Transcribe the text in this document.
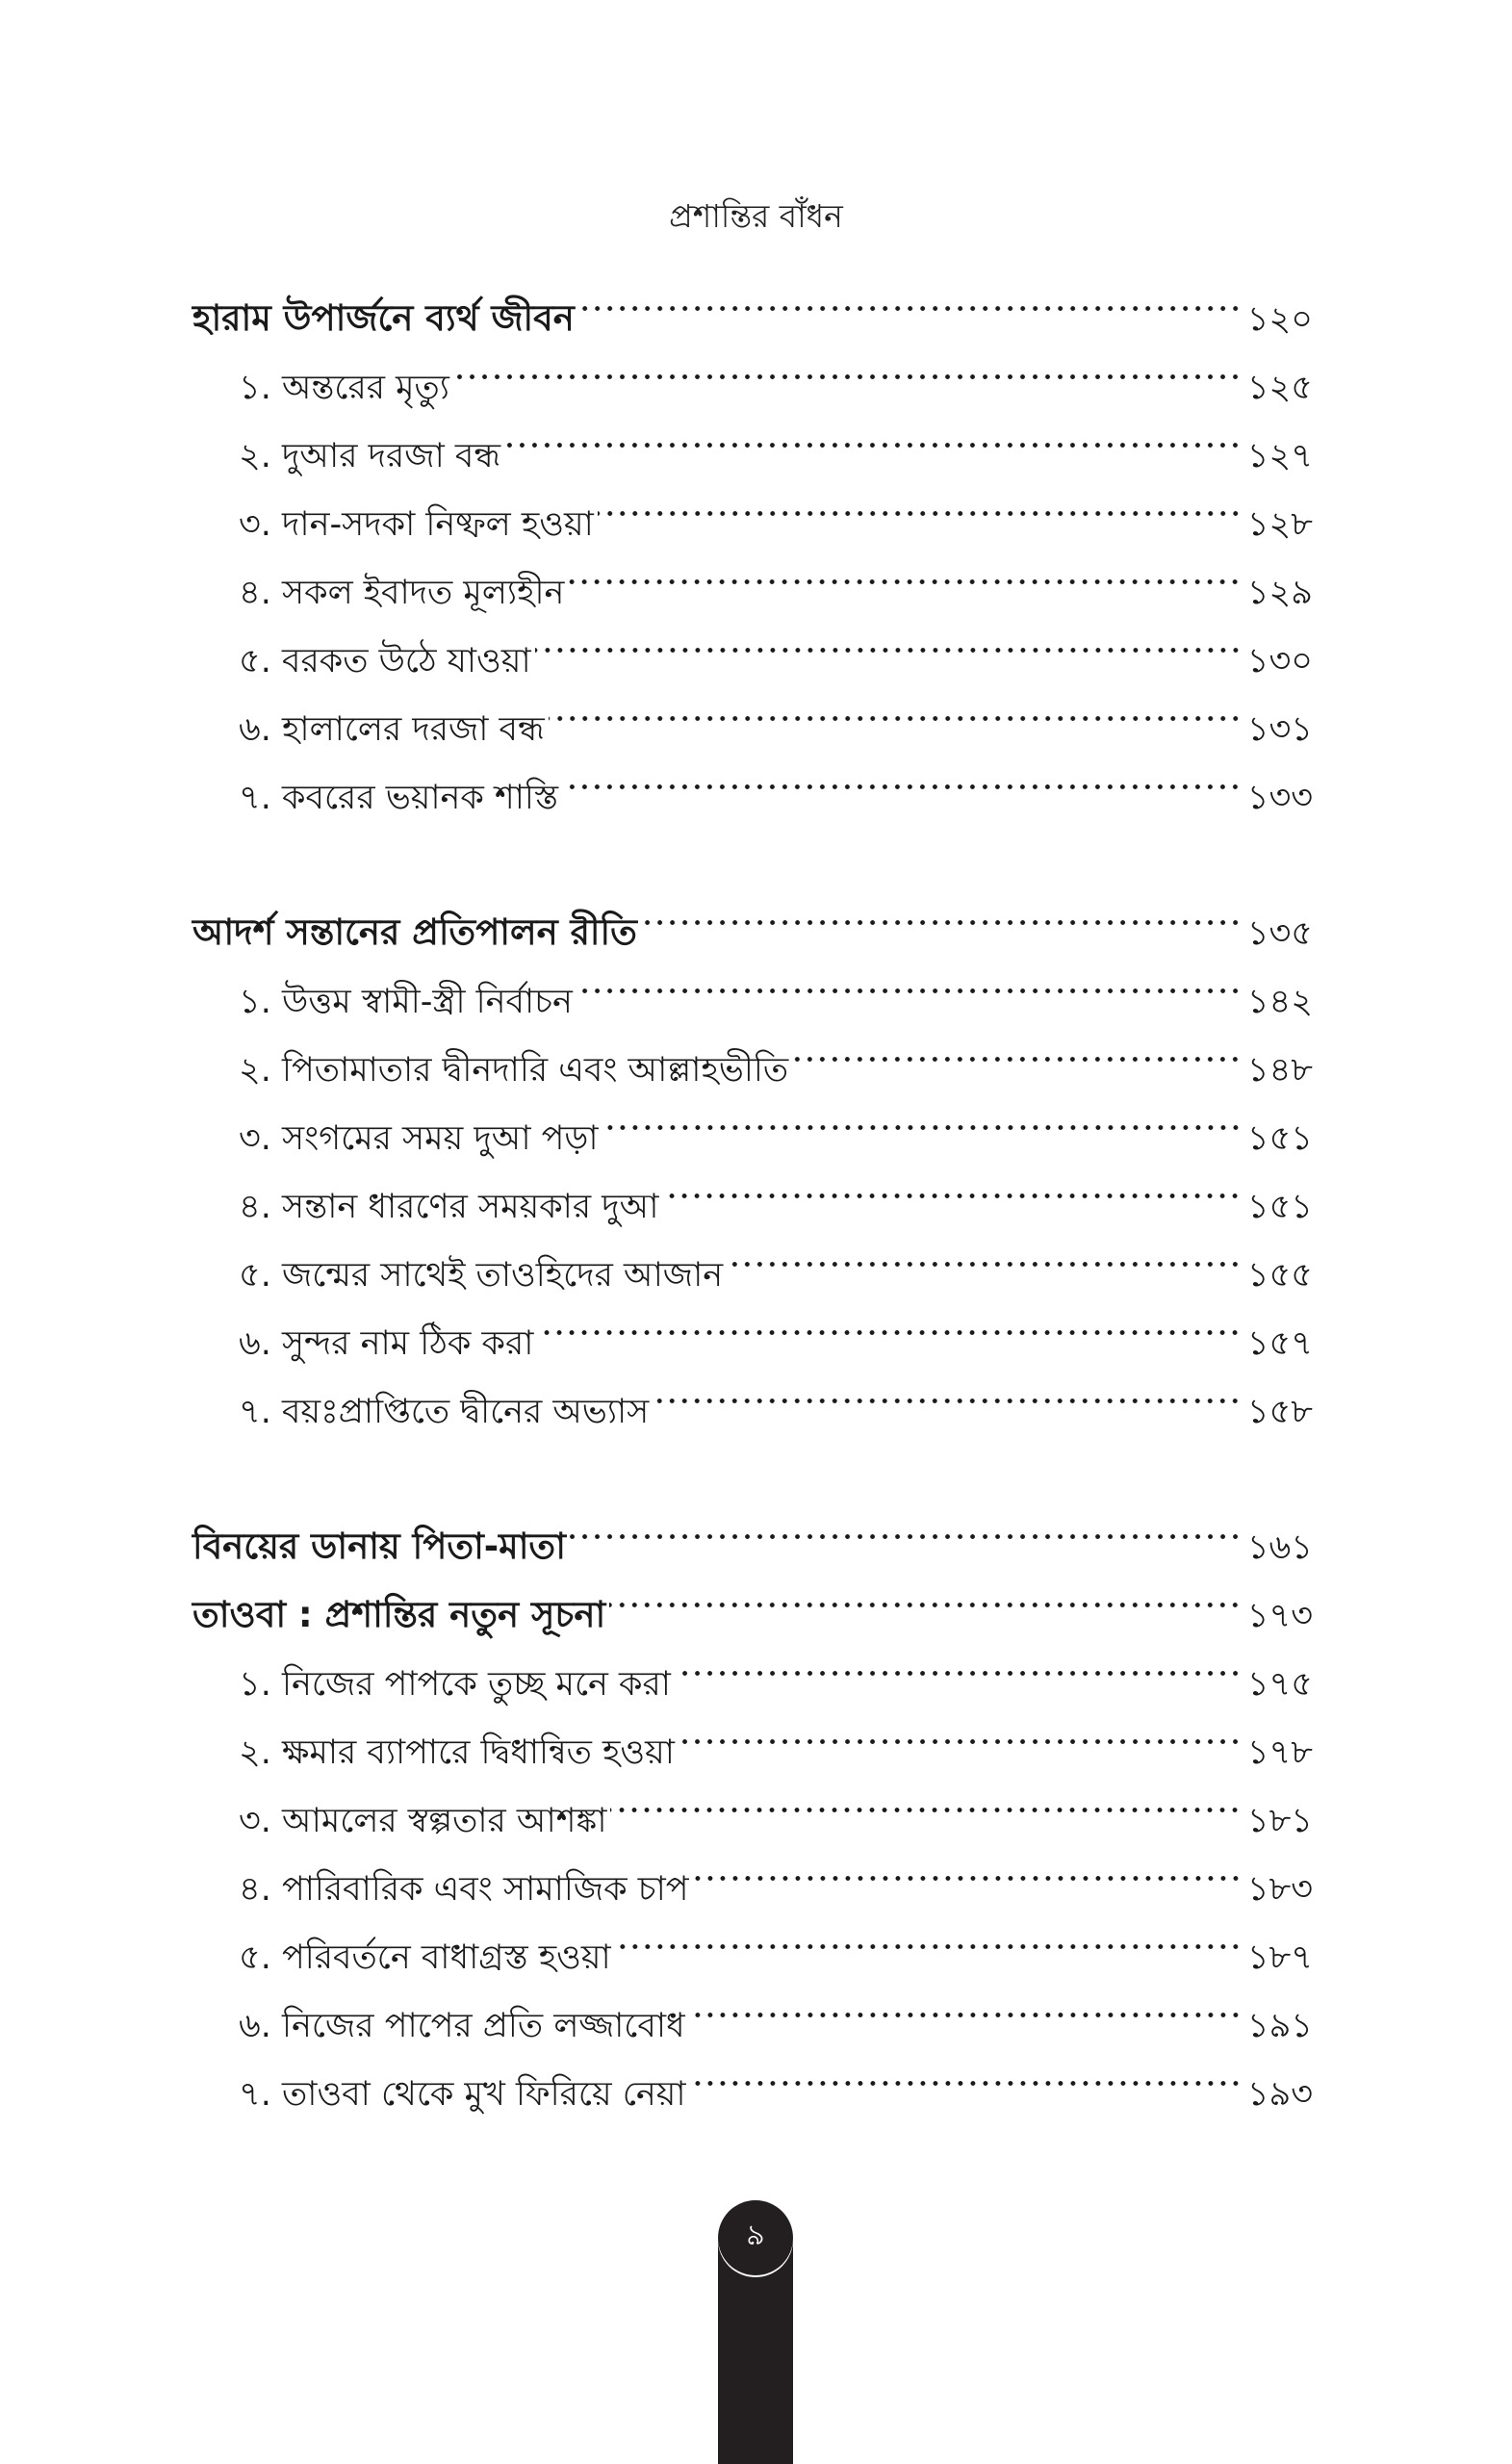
প্রশান্তির বাঁধন
হারাম উপার্জনে ব্যর্থ জীবন	১২০
১. অন্তরের মৃত্যু	১২৫
২. দুআর দরজা বন্ধ	১২৭
৩. দান-সদকা নিষ্ফল হওয়া	১২৮
৪. সকল ইবাদত মূল্যহীন	১২৯
৫. বরকত উঠে যাওয়া	১৩০
৬. হালালের দরজা বন্ধ	১৩১
৭. কবরের ভয়ানক শাস্তি	১৩৩
আদর্শ সন্তানের প্রতিপালন রীতি	১৩৫
১. উত্তম স্বামী-স্ত্রী নির্বাচন	১৪২
২. পিতামাতার দ্বীনদারি এবং আল্লাহভীতি	১৪৮
৩. সংগমের সময় দুআ পড়া	১৫১
৪. সন্তান ধারণের সময়কার দুআ	১৫১
৫. জন্মের সাথেই তাওহিদের আজান	১৫৫
৬. সুন্দর নাম ঠিক করা	১৫৭
৭. বয়ঃপ্রাপ্তিতে দ্বীনের অভ্যাস	১৫৮
বিনয়ের ডানায় পিতা-মাতা	১৬১
তাওবা : প্রশান্তির নতুন সূচনা	১৭৩
১. নিজের পাপকে তুচ্ছ মনে করা	১৭৫
২. ক্ষমার ব্যাপারে দ্বিধান্বিত হওয়া	১৭৮
৩. আমলের স্বল্পতার আশঙ্কা	১৮১
৪. পারিবারিক এবং সামাজিক চাপ	১৮৩
৫. পরিবর্তনে বাধাগ্রস্ত হওয়া	১৮৭
৬. নিজের পাপের প্রতি লজ্জাবোধ	১৯১
৭. তাওবা থেকে মুখ ফিরিয়ে নেয়া	১৯৩
৯
